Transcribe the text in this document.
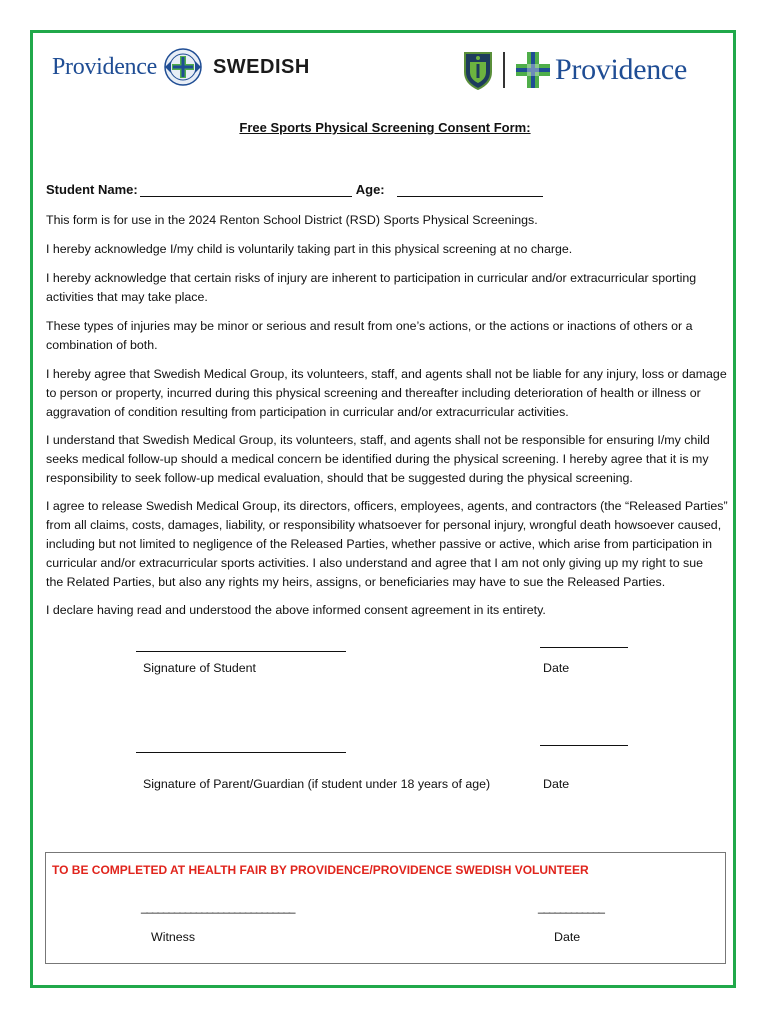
Providence	SWEDISH	Providence
Free Sports Physical Screening Consent Form:
Student Name:	Age:
This form is for use in the 2024 Renton School District (RSD) Sports Physical Screenings.
I hereby acknowledge I/my child is voluntarily taking part in this physical screening at no charge.
I hereby acknowledge that certain risks of injury are inherent to participation in curricular and/or extracurricular sporting
activities that may take place.
These types of injuries may be minor or serious and result from one’s actions, or the actions or inactions of others or a
combination of both.
I hereby agree that Swedish Medical Group, its volunteers, staff, and agents shall not be liable for any injury, loss or damage
to person or property, incurred during this physical screening and thereafter including deterioration of health or illness or
aggravation of condition resulting from participation in curricular and/or extracurricular activities.
I understand that Swedish Medical Group, its volunteers, staff, and agents shall not be responsible for ensuring I/my child
seeks medical follow-up should a medical concern be identified during the physical screening. I hereby agree that it is my
responsibility to seek follow-up medical evaluation, should that be suggested during the physical screening.
I agree to release Swedish Medical Group, its directors, officers, employees, agents, and contractors (the “Released Parties”
from all claims, costs, damages, liability, or responsibility whatsoever for personal injury, wrongful death howsoever caused,
including but not limited to negligence of the Released Parties, whether passive or active, which arise from participation in
curricular and/or extracurricular sports activities. I also understand and agree that I am not only giving up my right to sue
the Related Parties, but also any rights my heirs, assigns, or beneficiaries may have to sue the Released Parties.
I declare having read and understood the above informed consent agreement in its entirety.
Signature of Student	Date
Signature of Parent/Guardian (if student under 18 years of age)	Date
TO BE COMPLETED AT HEALTH FAIR BY PROVIDENCE/PROVIDENCE SWEDISH VOLUNTEER
____________________________	____________
Witness	Date
